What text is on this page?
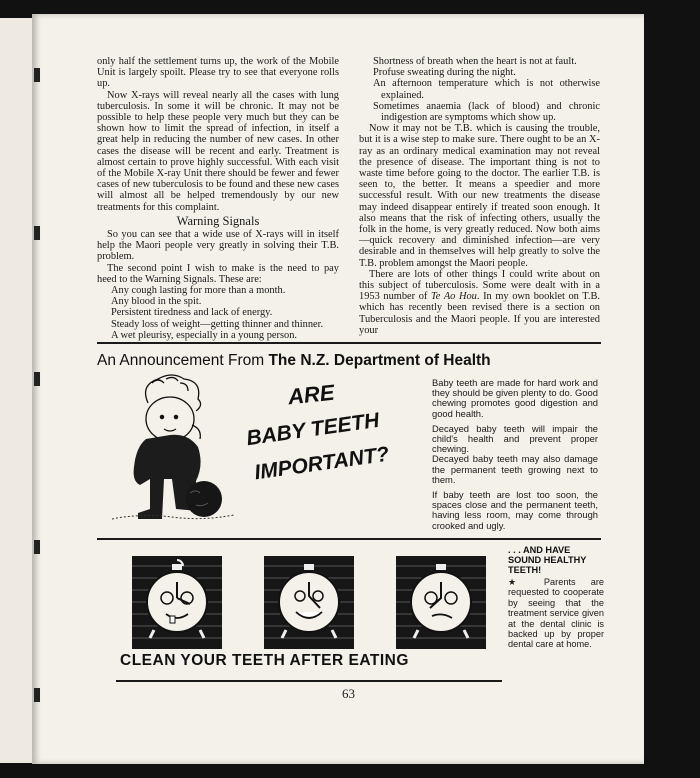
only half the settlement turns up, the work of the Mobile Unit is largely spoilt. Please try to see that everyone rolls up.

Now X-rays will reveal nearly all the cases with lung tuberculosis. In some it will be chronic. It may not be possible to help these people very much but they can be shown how to limit the spread of infection, in itself a great help in reducing the number of new cases. In other cases the disease will be recent and early. Treatment is almost certain to prove highly successful. With each visit of the Mobile X-ray Unit there should be fewer and fewer cases of new tuberculosis to be found and these new cases will almost all be helped tremendously by our new treatments for this complaint.

Warning Signals

So you can see that a wide use of X-rays will in itself help the Maori people very greatly in solving their T.B. problem.

The second point I wish to make is the need to pay heed to the Warning Signals. These are:

Any cough lasting for more than a month.

Any blood in the spit.

Persistent tiredness and lack of energy.

Steady loss of weight—getting thinner and thinner.

A wet pleurisy, especially in a young person.

Shortness of breath when the heart is not at fault.

Profuse sweating during the night.

An afternoon temperature which is not otherwise explained.

Sometimes anaemia (lack of blood) and chronic indigestion are symptoms which show up.

Now it may not be T.B. which is causing the trouble, but it is a wise step to make sure. There ought to be an X-ray as an ordinary medical examination may not reveal the presence of disease. The important thing is not to waste time before going to the doctor. The earlier T.B. is seen to, the better. It means a speedier and more successful result. With our new treatments the disease may indeed disappear entirely if treated soon enough. It also means that the risk of infecting others, usually the folk in the home, is very greatly reduced. Now both aims—quick recovery and diminished infection—are very desirable and in themselves will help greatly to solve the T.B. problem amongst the Maori people.

There are lots of other things I could write about on this subject of tuberculosis. Some were dealt with in a 1953 number of Te Ao Hou. In my own booklet on T.B. which has recently been revised there is a section on Tuberculosis and the Maori people. If you are interested your

An Announcement From The N.Z. Department of Health
ARE
BABY TEETH
IMPORTANT?

Baby teeth are made for hard work and they should be given plenty to do. Good chewing promotes good digestion and good health.

Decayed baby teeth will impair the child's health and prevent proper chewing.

Decayed baby teeth may also damage the permanent teeth growing next to them.

If baby teeth are lost too soon, the spaces close and the permanent teeth, having less room, may come through crooked and ugly.

CLEAN YOUR TEETH AFTER EATING
. . . AND HAVE SOUND HEALTHY TEETH!
★ Parents are requested to cooperate by seeing that the treatment service given at the dental clinic is backed up by proper dental care at home.
63
